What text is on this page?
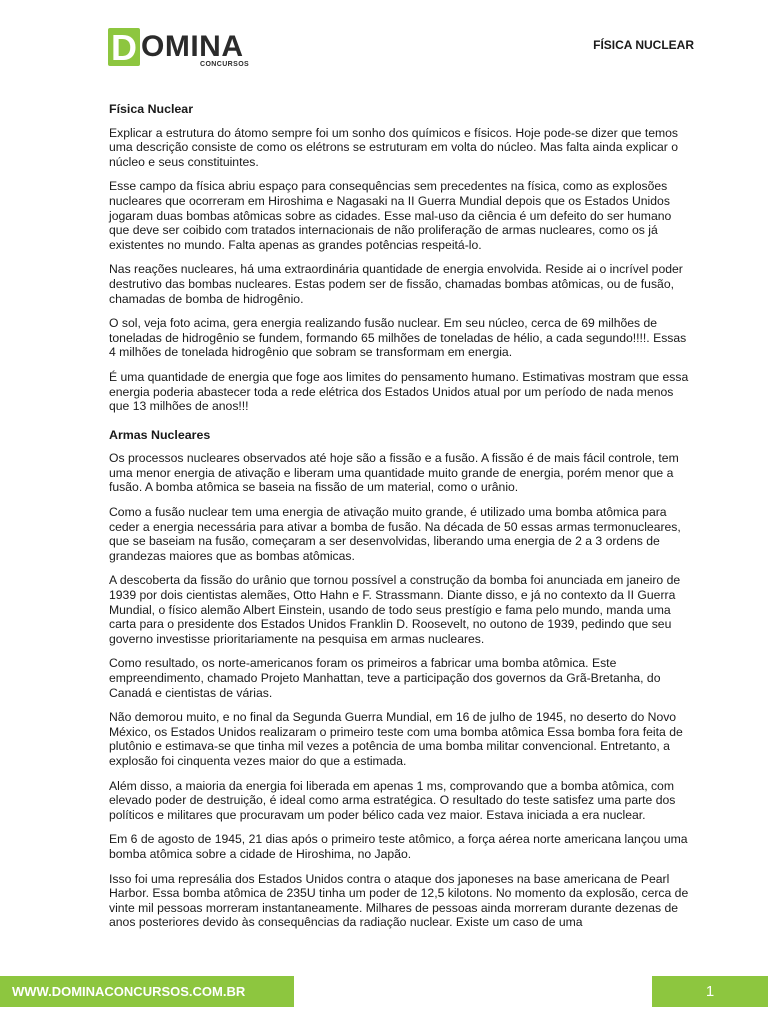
D OMINA
CONCURSOS
FÍSICA NUCLEAR
Física Nuclear

Explicar a estrutura do átomo sempre foi um sonho dos químicos e físicos. Hoje pode-se dizer que temos uma descrição consiste de como os elétrons se estruturam em volta do núcleo. Mas falta ainda explicar o núcleo e seus constituintes.

Esse campo da física abriu espaço para consequências sem precedentes na física, como as explosões nucleares que ocorreram em Hiroshima e Nagasaki na II Guerra Mundial depois que os Estados Unidos jogaram duas bombas atômicas sobre as cidades. Esse mal-uso da ciência é um defeito do ser humano que deve ser coibido com tratados internacionais de não proliferação de armas nucleares, como os já existentes no mundo. Falta apenas as grandes potências respeitá-lo.

Nas reações nucleares, há uma extraordinária quantidade de energia envolvida. Reside ai o incrível poder destrutivo das bombas nucleares. Estas podem ser de fissão, chamadas bombas atômicas, ou de fusão, chamadas de bomba de hidrogênio.

O sol, veja foto acima, gera energia realizando fusão nuclear. Em seu núcleo, cerca de 69 milhões de toneladas de hidrogênio se fundem, formando 65 milhões de toneladas de hélio, a cada segundo!!!!. Essas 4 milhões de tonelada hidrogênio que sobram se transformam em energia.

É uma quantidade de energia que foge aos limites do pensamento humano. Estimativas mostram que essa energia poderia abastecer toda a rede elétrica dos Estados Unidos atual por um período de nada menos que 13 milhões de anos!!!

Armas Nucleares

Os processos nucleares observados até hoje são a fissão e a fusão. A fissão é de mais fácil controle, tem uma menor energia de ativação e liberam uma quantidade muito grande de energia, porém menor que a fusão. A bomba atômica se baseia na fissão de um material, como o urânio.

Como a fusão nuclear tem uma energia de ativação muito grande, é utilizado uma bomba atômica para ceder a energia necessária para ativar a bomba de fusão. Na década de 50 essas armas termonucleares, que se baseiam na fusão, começaram a ser desenvolvidas, liberando uma energia de 2 a 3 ordens de grandezas maiores que as bombas atômicas.

A descoberta da fissão do urânio que tornou possível a construção da bomba foi anunciada em janeiro de 1939 por dois cientistas alemães, Otto Hahn e F. Strassmann. Diante disso, e já no contexto da II Guerra Mundial, o físico alemão Albert Einstein, usando de todo seus prestígio e fama pelo mundo, manda uma carta para o presidente dos Estados Unidos Franklin D. Roosevelt, no outono de 1939, pedindo que seu governo investisse prioritariamente na pesquisa em armas nucleares.

Como resultado, os norte-americanos foram os primeiros a fabricar uma bomba atômica. Este empreendimento, chamado Projeto Manhattan, teve a participação dos governos da Grã-Bretanha, do Canadá e cientistas de várias.

Não demorou muito, e no final da Segunda Guerra Mundial, em 16 de julho de 1945, no deserto do Novo México, os Estados Unidos realizaram o primeiro teste com uma bomba atômica Essa bomba fora feita de plutônio e estimava-se que tinha mil vezes a potência de uma bomba militar convencional. Entretanto, a explosão foi cinquenta vezes maior do que a estimada.

Além disso, a maioria da energia foi liberada em apenas 1 ms, comprovando que a bomba atômica, com elevado poder de destruição, é ideal como arma estratégica. O resultado do teste satisfez uma parte dos políticos e militares que procuravam um poder bélico cada vez maior. Estava iniciada a era nuclear.

Em 6 de agosto de 1945, 21 dias após o primeiro teste atômico, a força aérea norte americana lançou uma bomba atômica sobre a cidade de Hiroshima, no Japão.

Isso foi uma represália dos Estados Unidos contra o ataque dos japoneses na base americana de Pearl Harbor. Essa bomba atômica de 235U tinha um poder de 12,5 kilotons. No momento da explosão, cerca de vinte mil pessoas morreram instantaneamente. Milhares de pessoas ainda morreram durante dezenas de anos posteriores devido às consequências da radiação nuclear. Existe um caso de uma

WWW.DOMINACONCURSOS.COM.BR	1
